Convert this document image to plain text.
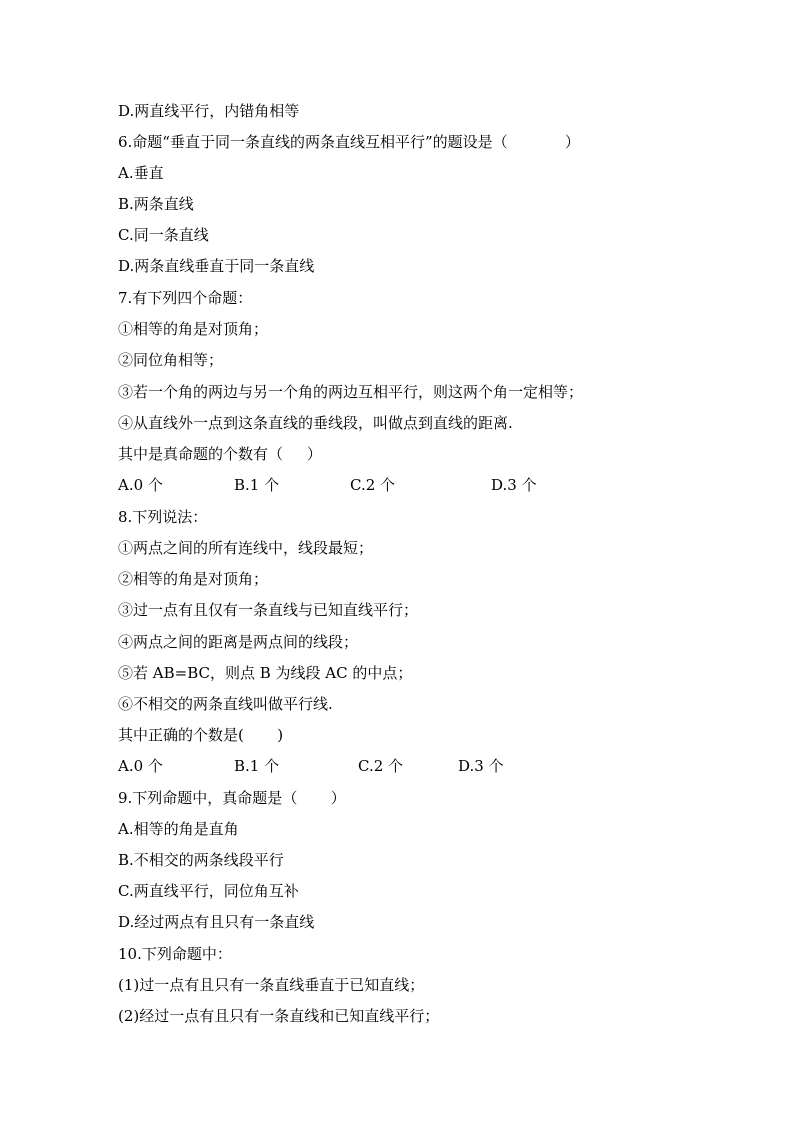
D.两直线平行，内错角相等
6.命题“垂直于同一条直线的两条直线互相平行”的题设是（            ）
A.垂直
B.两条直线
C.同一条直线
D.两条直线垂直于同一条直线
7.有下列四个命题：
①相等的角是对顶角；
②同位角相等；
③若一个角的两边与另一个角的两边互相平行，则这两个角一定相等；
④从直线外一点到这条直线的垂线段，叫做点到直线的距离.
其中是真命题的个数有（     ）
A.0 个	B.1 个	C.2 个	D.3 个
8.下列说法：
①两点之间的所有连线中，线段最短；
②相等的角是对顶角；
③过一点有且仅有一条直线与已知直线平行；
④两点之间的距离是两点间的线段；
⑤若 AB=BC，则点 B 为线段 AC 的中点；
⑥不相交的两条直线叫做平行线.
其中正确的个数是(       )
A.0 个	B.1 个	C.2 个	D.3 个
9.下列命题中，真命题是（       ）
A.相等的角是直角
B.不相交的两条线段平行
C.两直线平行，同位角互补
D.经过两点有且只有一条直线
10.下列命题中：
(1)过一点有且只有一条直线垂直于已知直线；
(2)经过一点有且只有一条直线和已知直线平行；
